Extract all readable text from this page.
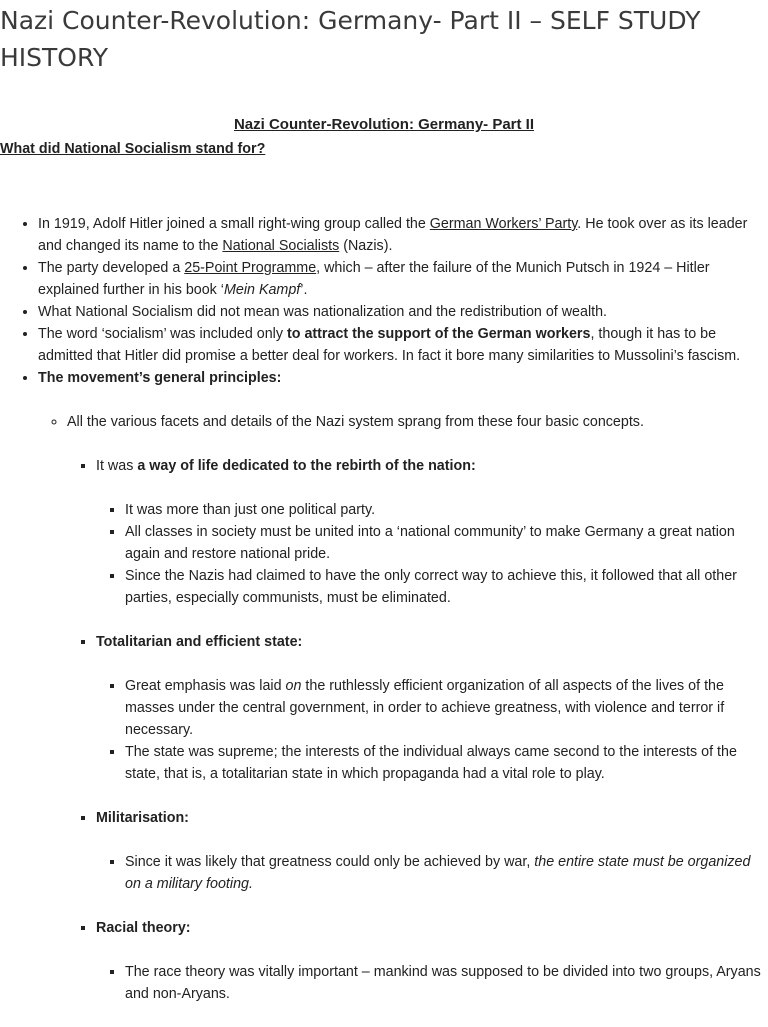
Nazi Counter-Revolution: Germany- Part II – SELF STUDY HISTORY

Nazi Counter-Revolution: Germany- Part II

What did National Socialism stand for?

• In 1919, Adolf Hitler joined a small right-wing group called the German Workers’ Party. He took over as its leader and changed its name to the National Socialists (Nazis).
• The party developed a 25-Point Programme, which – after the failure of the Munich Putsch in 1924 – Hitler explained further in his book ‘Mein Kampf’.
• What National Socialism did not mean was nationalization and the redistribution of wealth.
• The word ‘socialism’ was included only to attract the support of the German workers, though it has to be admitted that Hitler did promise a better deal for workers. In fact it bore many similarities to Mussolini’s fascism.
• The movement’s general principles:
◦ All the various facets and details of the Nazi system sprang from these four basic concepts.
▪ It was a way of life dedicated to the rebirth of the nation:
▪ It was more than just one political party.
▪ All classes in society must be united into a ‘national community’ to make Germany a great nation again and restore national pride.
▪ Since the Nazis had claimed to have the only correct way to achieve this, it followed that all other parties, especially communists, must be eliminated.
▪ Totalitarian and efficient state:
▪ Great emphasis was laid on the ruthlessly efficient organization of all aspects of the lives of the masses under the central government, in order to achieve greatness, with violence and terror if necessary.
▪ The state was supreme; the interests of the individual always came second to the interests of the state, that is, a totalitarian state in which propaganda had a vital role to play.
▪ Militarisation:
▪ Since it was likely that greatness could only be achieved by war, the entire state must be organized on a military footing.
▪ Racial theory:
▪ The race theory was vitally important – mankind was supposed to be divided into two groups, Aryans and non-Aryans.
